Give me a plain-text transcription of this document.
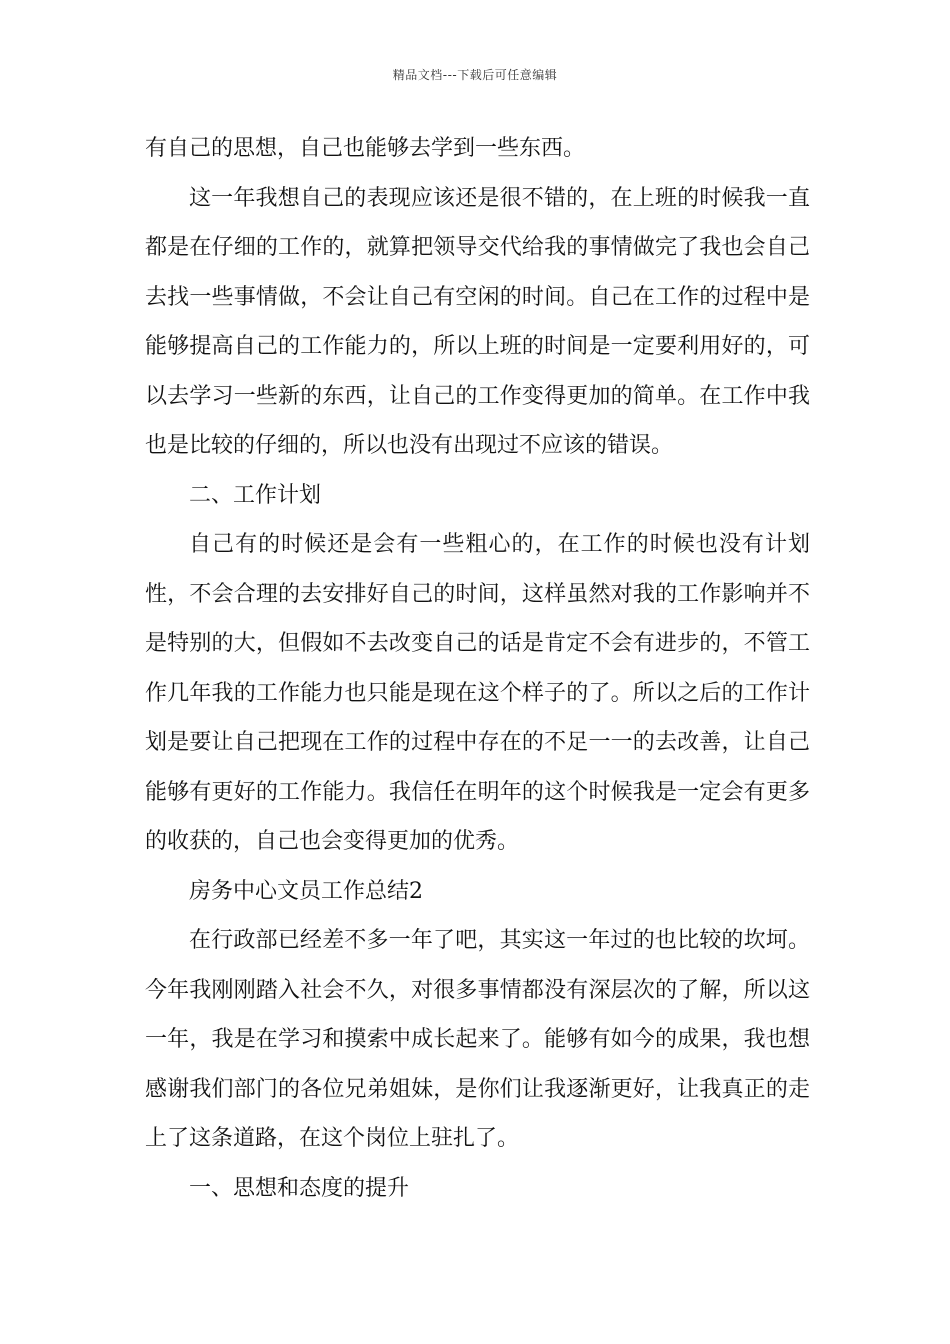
精品文档---下载后可任意编辑

有自己的思想，自己也能够去学到一些东西。

这一年我想自己的表现应该还是很不错的，在上班的时候我一直都是在仔细的工作的，就算把领导交代给我的事情做完了我也会自己去找一些事情做，不会让自己有空闲的时间。自己在工作的过程中是能够提高自己的工作能力的，所以上班的时间是一定要利用好的，可以去学习一些新的东西，让自己的工作变得更加的简单。在工作中我也是比较的仔细的，所以也没有出现过不应该的错误。

二、工作计划

自己有的时候还是会有一些粗心的，在工作的时候也没有计划性，不会合理的去安排好自己的时间，这样虽然对我的工作影响并不是特别的大，但假如不去改变自己的话是肯定不会有进步的，不管工作几年我的工作能力也只能是现在这个样子的了。所以之后的工作计划是要让自己把现在工作的过程中存在的不足一一的去改善，让自己能够有更好的工作能力。我信任在明年的这个时候我是一定会有更多的收获的，自己也会变得更加的优秀。

房务中心文员工作总结2

在行政部已经差不多一年了吧，其实这一年过的也比较的坎坷。今年我刚刚踏入社会不久，对很多事情都没有深层次的了解，所以这一年，我是在学习和摸索中成长起来了。能够有如今的成果，我也想感谢我们部门的各位兄弟姐妹，是你们让我逐渐更好，让我真正的走上了这条道路，在这个岗位上驻扎了。

一、思想和态度的提升
